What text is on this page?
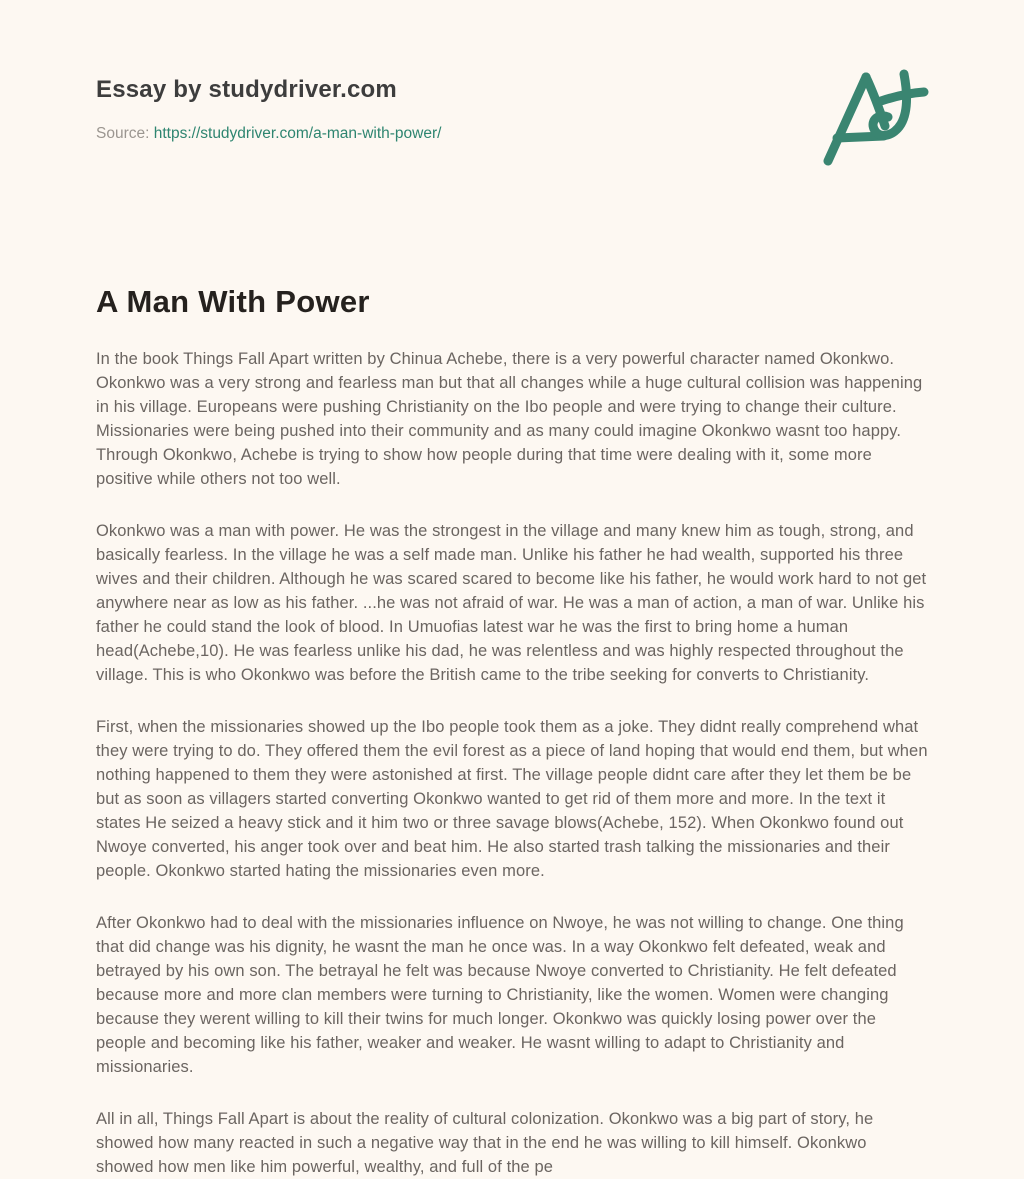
Essay by studydriver.com
Source: https://studydriver.com/a-man-with-power/
A Man With Power

In the book Things Fall Apart written by Chinua Achebe, there is a very powerful character named Okonkwo. Okonkwo was a very strong and fearless man but that all changes while a huge cultural collision was happening in his village. Europeans were pushing Christianity on the Ibo people and were trying to change their culture. Missionaries were being pushed into their community and as many could imagine Okonkwo wasnt too happy. Through Okonkwo, Achebe is trying to show how people during that time were dealing with it, some more positive while others not too well.

Okonkwo was a man with power. He was the strongest in the village and many knew him as tough, strong, and basically fearless. In the village he was a self made man. Unlike his father he had wealth, supported his three wives and their children. Although he was scared scared to become like his father, he would work hard to not get anywhere near as low as his father. ...he was not afraid of war. He was a man of action, a man of war. Unlike his father he could stand the look of blood. In Umuofias latest war he was the first to bring home a human head(Achebe,10). He was fearless unlike his dad, he was relentless and was highly respected throughout the village. This is who Okonkwo was before the British came to the tribe seeking for converts to Christianity.

First, when the missionaries showed up the Ibo people took them as a joke. They didnt really comprehend what they were trying to do. They offered them the evil forest as a piece of land hoping that would end them, but when nothing happened to them they were astonished at first. The village people didnt care after they let them be be but as soon as villagers started converting Okonkwo wanted to get rid of them more and more. In the text it states He seized a heavy stick and it him two or three savage blows(Achebe, 152). When Okonkwo found out Nwoye converted, his anger took over and beat him. He also started trash talking the missionaries and their people. Okonkwo started hating the missionaries even more.

After Okonkwo had to deal with the missionaries influence on Nwoye, he was not willing to change. One thing that did change was his dignity, he wasnt the man he once was. In a way Okonkwo felt defeated, weak and betrayed by his own son. The betrayal he felt was because Nwoye converted to Christianity. He felt defeated because more and more clan members were turning to Christianity, like the women. Women were changing because they werent willing to kill their twins for much longer. Okonkwo was quickly losing power over the people and becoming like his father, weaker and weaker. He wasnt willing to adapt to Christianity and missionaries.

All in all, Things Fall Apart is about the reality of cultural colonization. Okonkwo was a big part of story, he showed how many reacted in such a negative way that in the end he was willing to kill himself. Okonkwo showed how men like him powerful, wealthy, and full of the pe
